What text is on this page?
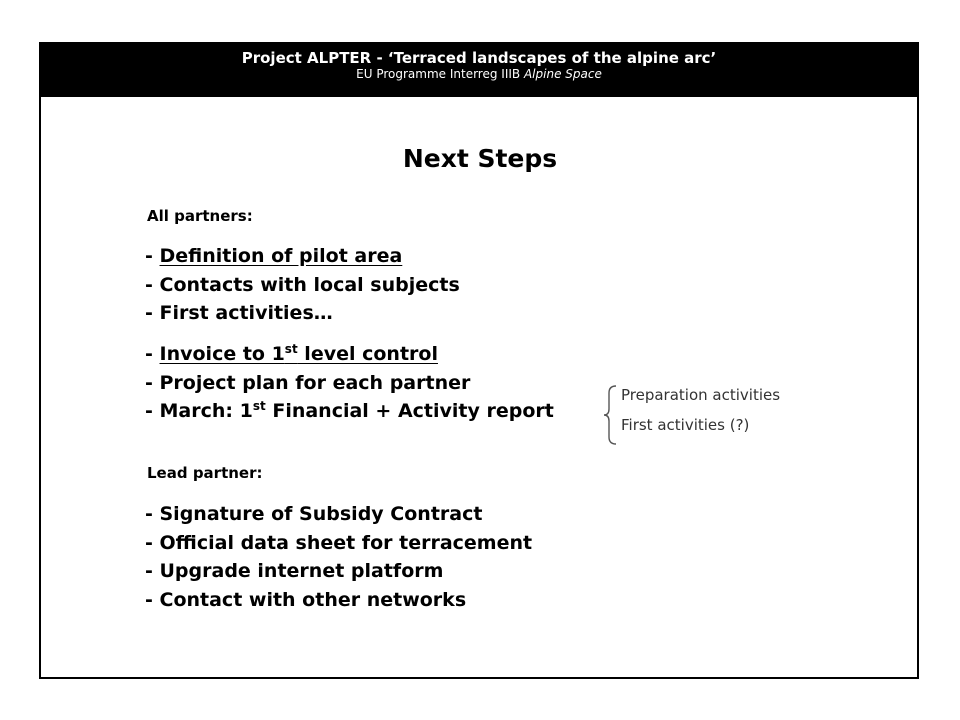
Project ALPTER - ‘Terraced landscapes of the alpine arc’
EU Programme Interreg IIIB Alpine Space
Next Steps
All partners:
- Definition of pilot area
- Contacts with local subjects
- First activities…
- Invoice to 1st level control
- Project plan for each partner
- March: 1st Financial + Activity report
Preparation activities
First activities (?)
Lead partner:
- Signature of Subsidy Contract
- Official data sheet for terracement
- Upgrade internet platform
- Contact with other networks
